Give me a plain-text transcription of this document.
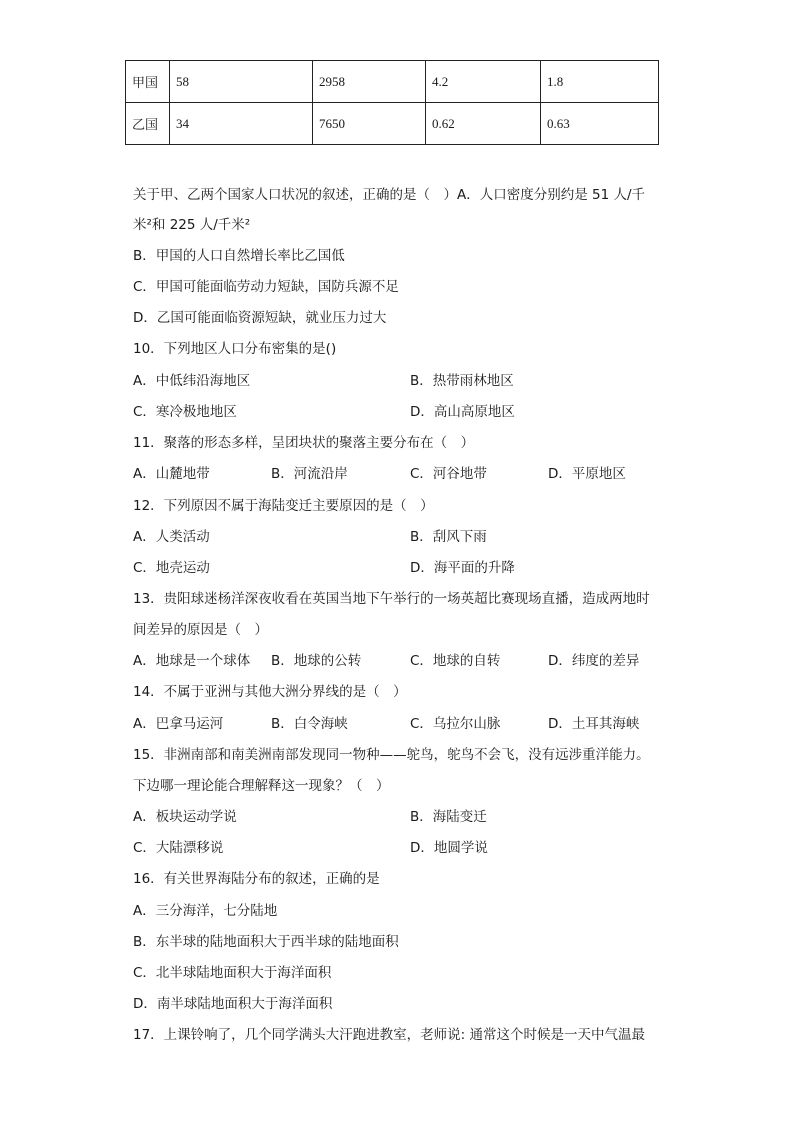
甲国	58	2958	4.2	1.8
乙国	34	7650	0.62	0.63
关于甲、乙两个国家人口状况的叙述，正确的是（　）A．人口密度分别约是 51 人/千
米²和 225 人/千米²
B．甲国的人口自然增长率比乙国低
C．甲国可能面临劳动力短缺，国防兵源不足
D．乙国可能面临资源短缺，就业压力过大
10．下列地区人口分布密集的是()
A．中低纬沿海地区	B．热带雨林地区
C．寒冷极地地区	D．高山高原地区
11．聚落的形态多样，呈团块状的聚落主要分布在（　）
A．山麓地带	B．河流沿岸	C．河谷地带	D．平原地区
12．下列原因不属于海陆变迁主要原因的是（　）
A．人类活动	B．刮风下雨
C．地壳运动	D．海平面的升降
13．贵阳球迷杨洋深夜收看在英国当地下午举行的一场英超比赛现场直播，造成两地时
间差异的原因是（　）
A．地球是一个球体 B．地球的公转	C．地球的自转	D．纬度的差异
14．不属于亚洲与其他大洲分界线的是（　）
A．巴拿马运河	B．白令海峡	C．乌拉尔山脉	D．土耳其海峡
15．非洲南部和南美洲南部发现同一物种——鸵鸟，鸵鸟不会飞，没有远涉重洋能力。
下边哪一理论能合理解释这一现象？（　）
A．板块运动学说	B．海陆变迁
C．大陆漂移说	D．地圆学说
16．有关世界海陆分布的叙述，正确的是
A．三分海洋，七分陆地
B．东半球的陆地面积大于西半球的陆地面积
C．北半球陆地面积大于海洋面积
D．南半球陆地面积大于海洋面积
17．上课铃响了，几个同学满头大汗跑进教室，老师说: 通常这个时候是一天中气温最
